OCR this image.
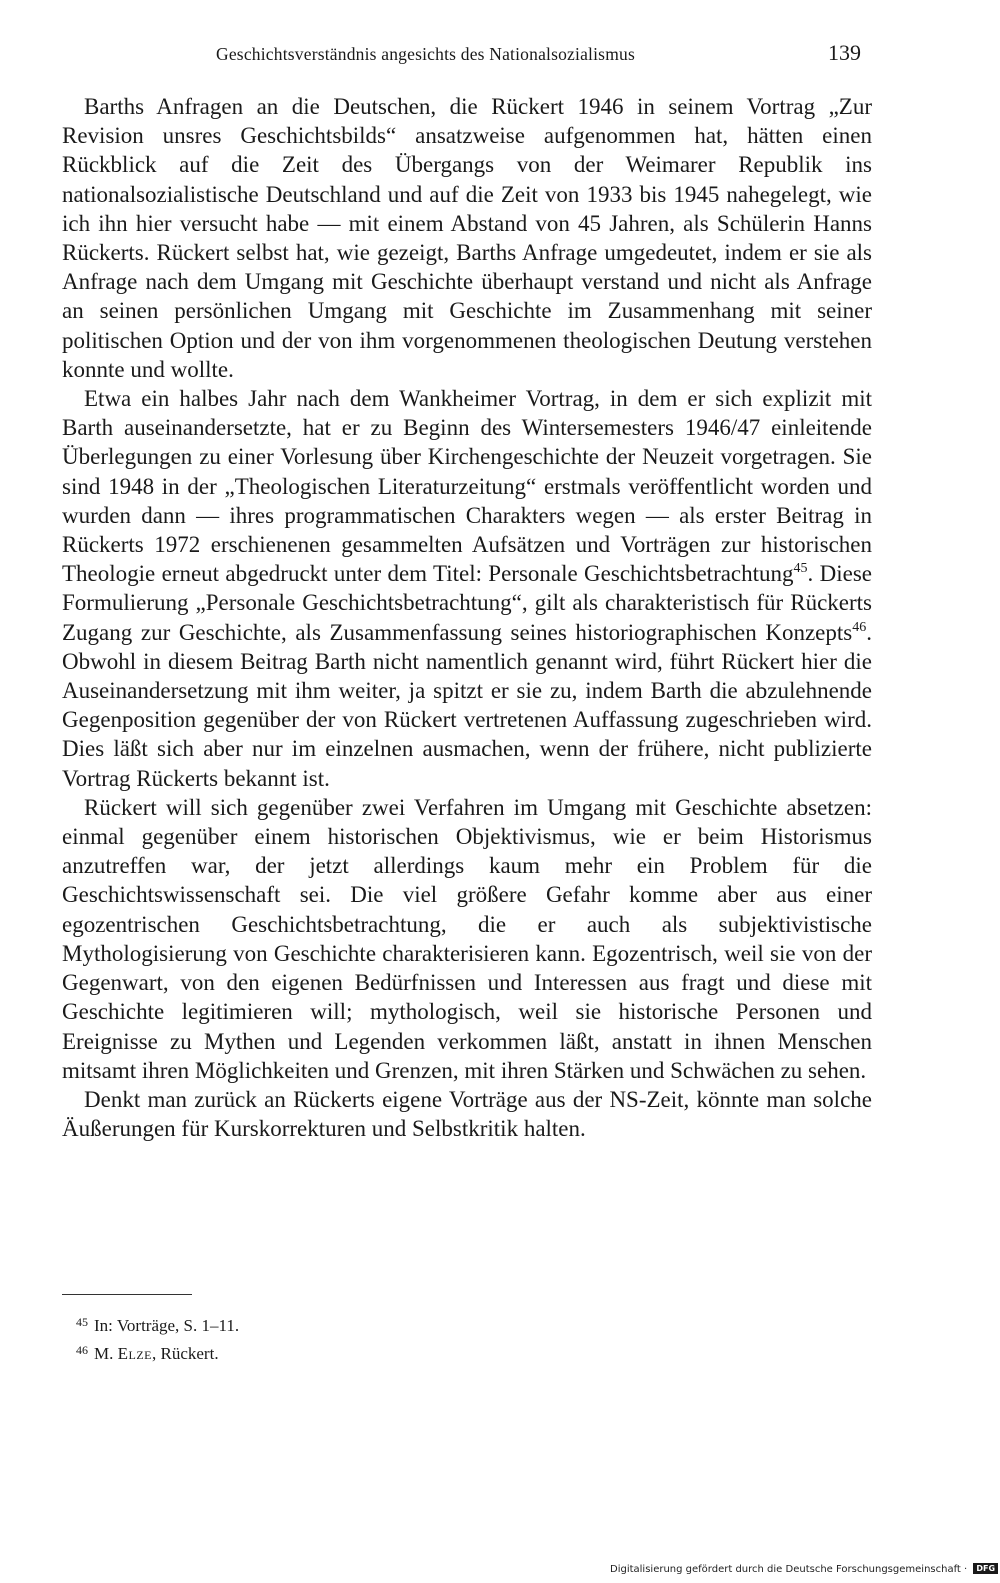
Geschichtsverständnis angesichts des Nationalsozialismus	139

Barths Anfragen an die Deutschen, die Rückert 1946 in seinem Vortrag „Zur Revision unsres Geschichtsbilds“ ansatzweise aufgenommen hat, hätten einen Rückblick auf die Zeit des Übergangs von der Weimarer Republik ins nationalsozialistische Deutschland und auf die Zeit von 1933 bis 1945 nahegelegt, wie ich ihn hier versucht habe — mit einem Abstand von 45 Jahren, als Schülerin Hanns Rückerts. Rückert selbst hat, wie gezeigt, Barths Anfrage umgedeutet, indem er sie als Anfrage nach dem Umgang mit Geschichte überhaupt verstand und nicht als Anfrage an seinen persönlichen Umgang mit Geschichte im Zusammenhang mit seiner politischen Option und der von ihm vorgenommenen theologischen Deutung verstehen konnte und wollte.

Etwa ein halbes Jahr nach dem Wankheimer Vortrag, in dem er sich explizit mit Barth auseinandersetzte, hat er zu Beginn des Wintersemesters 1946/47 einleitende Überlegungen zu einer Vorlesung über Kirchengeschichte der Neuzeit vorgetragen. Sie sind 1948 in der „Theologischen Literaturzeitung“ erstmals veröffentlicht worden und wurden dann — ihres programmatischen Charakters wegen — als erster Beitrag in Rückerts 1972 erschienenen gesammelten Aufsätzen und Vorträgen zur historischen Theologie erneut abgedruckt unter dem Titel: Personale Geschichtsbetrachtung$^{45}$. Diese Formulierung „Personale Geschichtsbetrachtung“, gilt als charakteristisch für Rückerts Zugang zur Geschichte, als Zusammenfassung seines historiographischen Konzepts$^{46}$. Obwohl in diesem Beitrag Barth nicht namentlich genannt wird, führt Rückert hier die Auseinandersetzung mit ihm weiter, ja spitzt er sie zu, indem Barth die abzulehnende Gegenposition gegenüber der von Rückert vertretenen Auffassung zugeschrieben wird. Dies läßt sich aber nur im einzelnen ausmachen, wenn der frühere, nicht publizierte Vortrag Rückerts bekannt ist.

Rückert will sich gegenüber zwei Verfahren im Umgang mit Geschichte absetzen: einmal gegenüber einem historischen Objektivismus, wie er beim Historismus anzutreffen war, der jetzt allerdings kaum mehr ein Problem für die Geschichtswissenschaft sei. Die viel größere Gefahr komme aber aus einer egozentrischen Geschichtsbetrachtung, die er auch als subjektivistische Mythologisierung von Geschichte charakterisieren kann. Egozentrisch, weil sie von der Gegenwart, von den eigenen Bedürfnissen und Interessen aus fragt und diese mit Geschichte legitimieren will; mythologisch, weil sie historische Personen und Ereignisse zu Mythen und Legenden verkommen läßt, anstatt in ihnen Menschen mitsamt ihren Möglichkeiten und Grenzen, mit ihren Stärken und Schwächen zu sehen.

Denkt man zurück an Rückerts eigene Vorträge aus der NS-Zeit, könnte man solche Äußerungen für Kurskorrekturen und Selbstkritik halten.

$^{45}$ In: Vorträge, S. 1–11.

$^{46}$ M. Elze, Rückert.

Digitalisierung gefördert durch die Deutsche Forschungsgemeinschaft · DFG
